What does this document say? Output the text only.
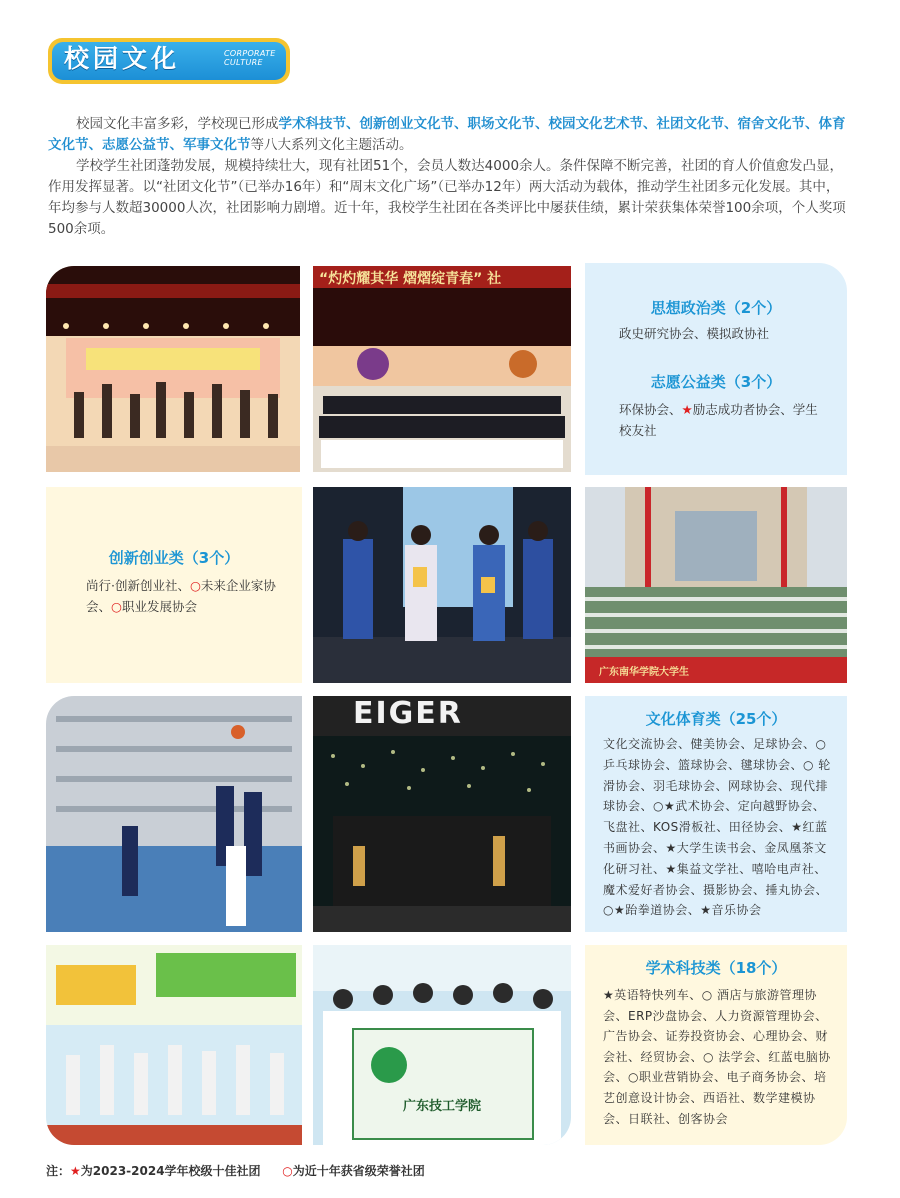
校园文化	CORPORATE
CULTURE

校园文化丰富多彩，学校现已形成学术科技节、创新创业文化节、职场文化节、校园文化艺术节、社团文化节、宿舍文化节、体育文化节、志愿公益节、军事文化节等八大系列文化主题活动。

学校学生社团蓬勃发展，规模持续壮大，现有社团51个，会员人数达4000余人。条件保障不断完善，社团的育人价值愈发凸显，作用发挥显著。以“社团文化节”（已举办16年）和“周末文化广场”（已举办12年）两大活动为载体，推动学生社团多元化发展。其中，年均参与人数超30000人次，社团影响力剧增。近十年，我校学生社团在各类评比中屡获佳绩，累计荣获集体荣誉100余项，个人奖项500余项。

“灼灼耀其华 熠熠绽青春” 社
思想政治类（2个）
政史研究协会、模拟政协社
志愿公益类（3个）
环保协会、★励志成功者协会、学生校友社
创新创业类（3个）
尚行·创新创业社、○未来企业家协会、○职业发展协会
广东南华学院大学生
EIGER	文化体育类（25个）
文化交流协会、健美协会、足球协会、○ 乒乓球协会、篮球协会、毽球协会、○ 轮滑协会、羽毛球协会、网球协会、现代排球协会、○★武术协会、定向越野协会、飞盘社、KOS滑板社、田径协会、★红蓝书画协会、★大学生读书会、金凤凰茶文化研习社、★集益文学社、嘻哈电声社、魔术爱好者协会、摄影协会、捶丸协会、○★跆拳道协会、★音乐协会
广东技工学院
学术科技类（18个）
★英语特快列车、○ 酒店与旅游管理协会、ERP沙盘协会、人力资源管理协会、广告协会、证券投资协会、心理协会、财会社、经贸协会、○ 法学会、红蓝电脑协会、○职业营销协会、电子商务协会、培艺创意设计协会、西语社、数学建模协会、日联社、创客协会
注：★为2023-2024学年校级十佳社团 ○为近十年获省级荣誉社团
